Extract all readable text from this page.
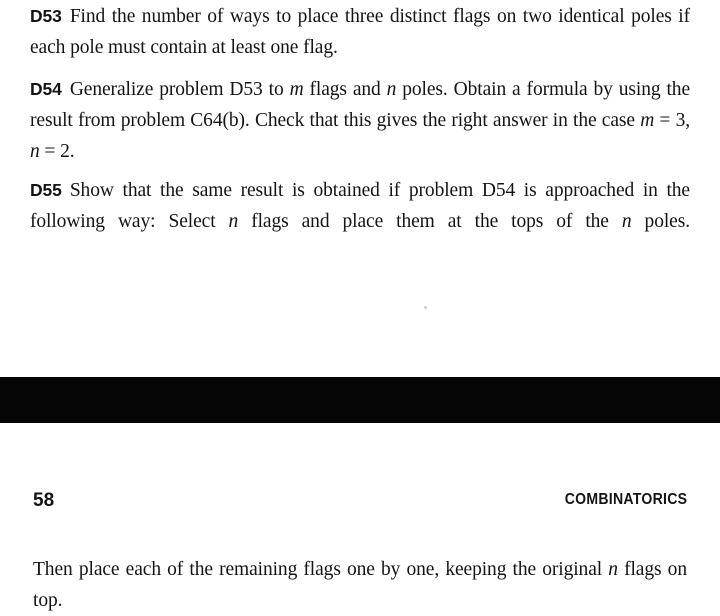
D53 Find the number of ways to place three distinct flags on two identical poles if each pole must contain at least one flag.

D54 Generalize problem D53 to m flags and n poles. Obtain a formula by using the result from problem C64(b). Check that this gives the right answer in the case m = 3, n = 2.

D55 Show that the same result is obtained if problem D54 is approached in the following way: Select n flags and place them at the tops of the n poles.

58	COMBINATORICS

Then place each of the remaining flags one by one, keeping the original n flags on top.
